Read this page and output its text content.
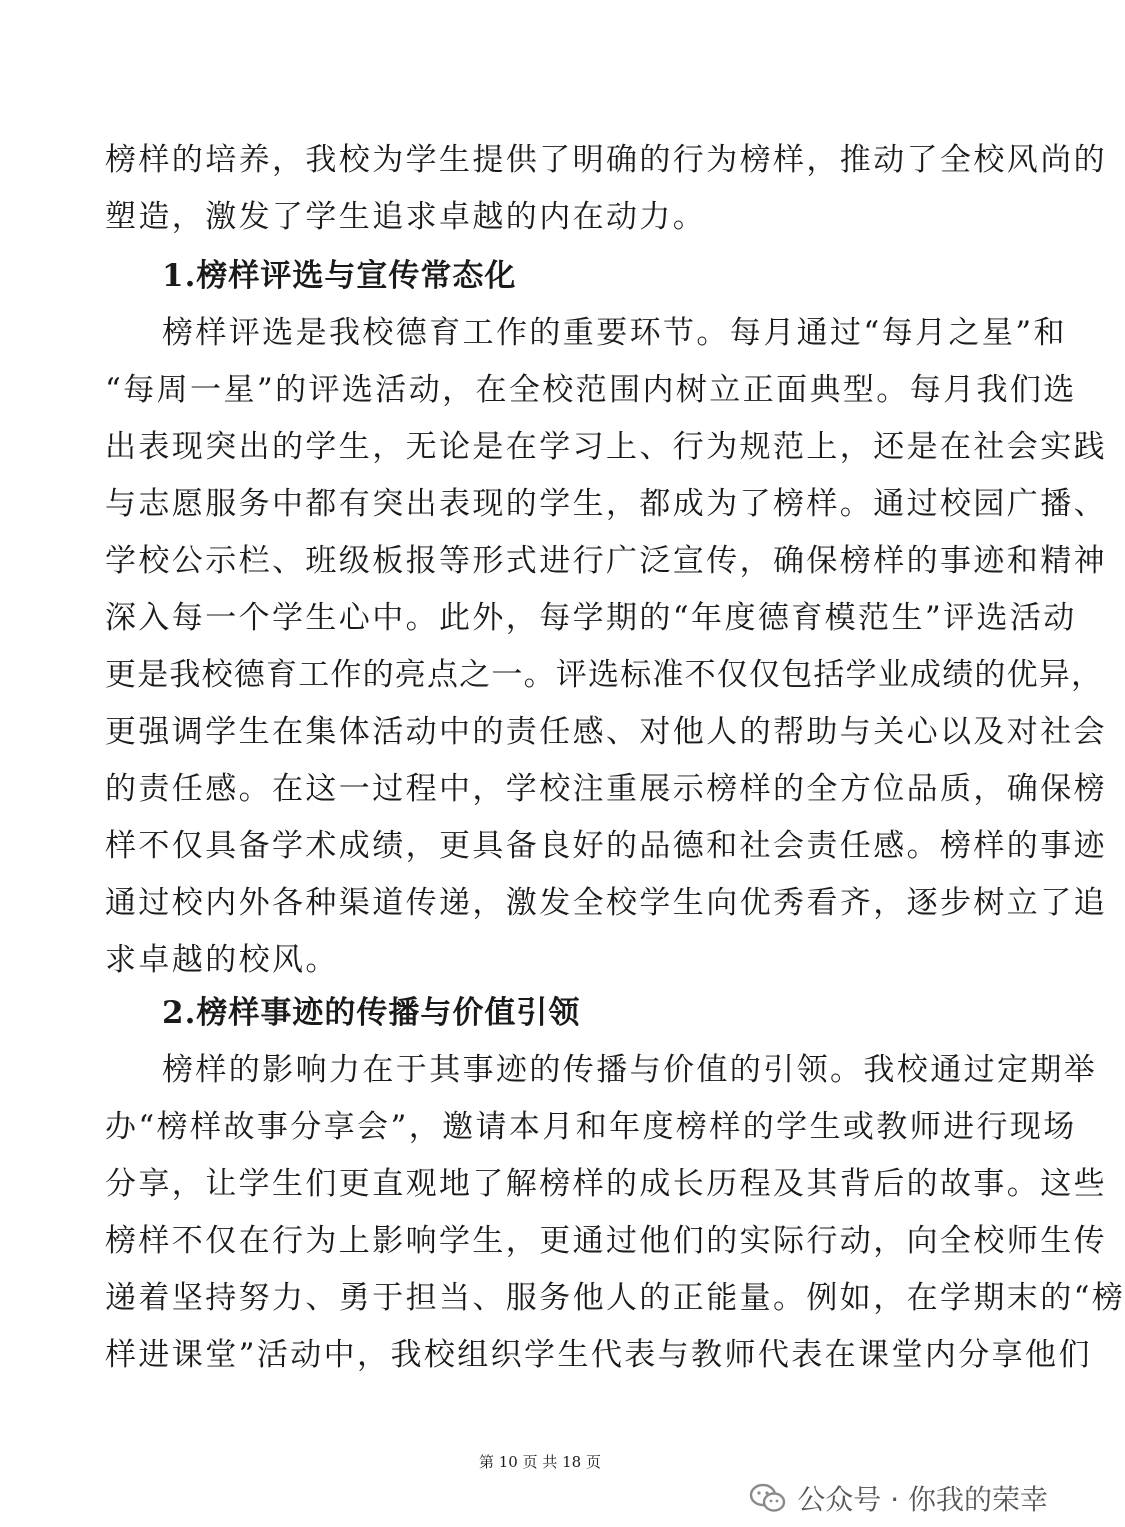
榜样的培养，我校为学生提供了明确的行为榜样，推动了全校风尚的
塑造，激发了学生追求卓越的内在动力。
1.榜样评选与宣传常态化
榜样评选是我校德育工作的重要环节。每月通过“每月之星”和
“每周一星”的评选活动，在全校范围内树立正面典型。每月我们选
出表现突出的学生，无论是在学习上、行为规范上，还是在社会实践
与志愿服务中都有突出表现的学生，都成为了榜样。通过校园广播、
学校公示栏、班级板报等形式进行广泛宣传，确保榜样的事迹和精神
深入每一个学生心中。此外，每学期的“年度德育模范生”评选活动
更是我校德育工作的亮点之一。评选标准不仅仅包括学业成绩的优异，
更强调学生在集体活动中的责任感、对他人的帮助与关心以及对社会
的责任感。在这一过程中，学校注重展示榜样的全方位品质，确保榜
样不仅具备学术成绩，更具备良好的品德和社会责任感。榜样的事迹
通过校内外各种渠道传递，激发全校学生向优秀看齐，逐步树立了追
求卓越的校风。
2.榜样事迹的传播与价值引领
榜样的影响力在于其事迹的传播与价值的引领。我校通过定期举
办“榜样故事分享会”，邀请本月和年度榜样的学生或教师进行现场
分享，让学生们更直观地了解榜样的成长历程及其背后的故事。这些
榜样不仅在行为上影响学生，更通过他们的实际行动，向全校师生传
递着坚持努力、勇于担当、服务他人的正能量。例如，在学期末的“榜
样进课堂”活动中，我校组织学生代表与教师代表在课堂内分享他们
第 10 页 共 18 页
公众号 · 你我的荣幸
